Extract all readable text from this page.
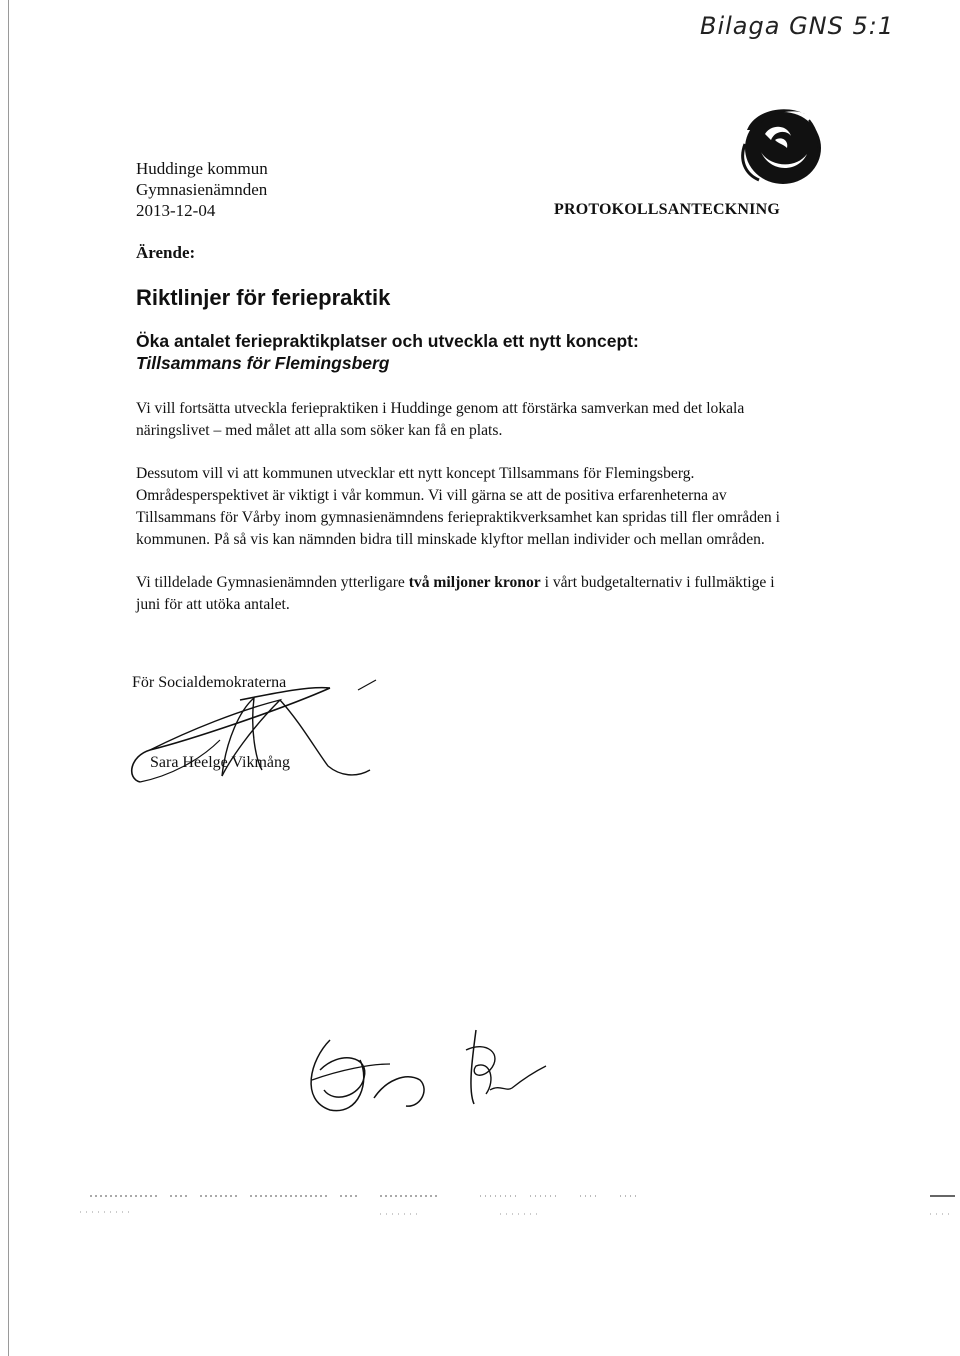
Bilaga GNS 5:1
Huddinge kommun
Gymnasienämnden
2013-12-04	PROTOKOLLSANTECKNING
Ärende:
Riktlinjer för feriepraktik
Öka antalet feriepraktikplatser och utveckla ett nytt koncept:
Tillsammans för Flemingsberg

Vi vill fortsätta utveckla feriepraktiken i Huddinge genom att förstärka samverkan med det lokala näringslivet – med målet att alla som söker kan få en plats.

Dessutom vill vi att kommunen utvecklar ett nytt koncept Tillsammans för Flemingsberg. Områdesperspektivet är viktigt i vår kommun. Vi vill gärna se att de positiva erfarenheterna av Tillsammans för Vårby inom gymnasienämndens feriepraktikverksamhet kan spridas till fler områden i kommunen. På så vis kan nämnden bidra till minskade klyftor mellan individer och mellan områden.

Vi tilldelade Gymnasienämnden ytterligare två miljoner kronor i vårt budgetalternativ i fullmäktige i juni för att utöka antalet.

För Socialdemokraterna
Sara Heelge Vikmång
